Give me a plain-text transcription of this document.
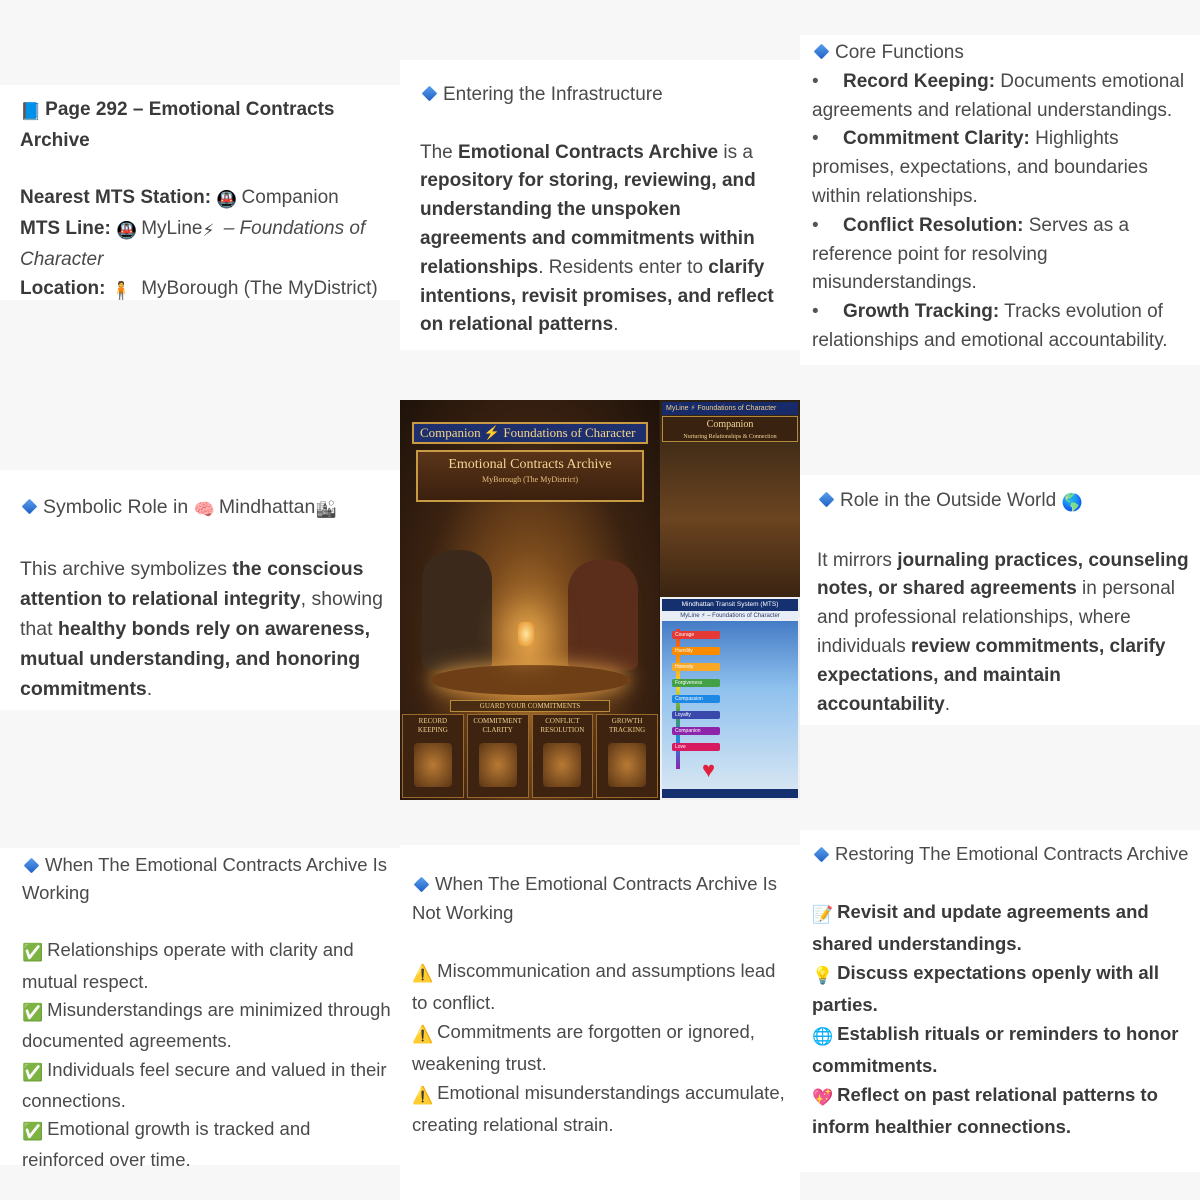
📘 Page 292 – Emotional Contracts Archive
Nearest MTS Station: 🚇 Companion
MTS Line: 🚇 MyLine⚡ – Foundations of Character
Location: 🧍 MyBorough (The MyDistrict)
Entering the Infrastructure
The Emotional Contracts Archive is a repository for storing, reviewing, and understanding the unspoken agreements and commitments within relationships. Residents enter to clarify intentions, revisit promises, and reflect on relational patterns.
Core Functions
• Record Keeping: Documents emotional agreements and relational understandings.
• Commitment Clarity: Highlights promises, expectations, and boundaries within relationships.
• Conflict Resolution: Serves as a reference point for resolving misunderstandings.
• Growth Tracking: Tracks evolution of relationships and emotional accountability.
Symbolic Role in 🧠 Mindhattan🏙
This archive symbolizes the conscious attention to relational integrity, showing that healthy bonds rely on awareness, mutual understanding, and honoring commitments.
Companion ⚡ Foundations of Character
Emotional Contracts Archive
MyBorough (The MyDistrict)
GUARD YOUR COMMITMENTS
RECORD KEEPING
COMMITMENT CLARITY
CONFLICT RESOLUTION
GROWTH TRACKING
MyLine ⚡ Foundations of Character
Companion
Nurturing Relationships & Connection
Mindhattan Transit System (MTS)
MyLine ⚡ – Foundations of Character
Courage
Humility
Honesty
Forgiveness
Compassion
Loyalty
Companion
Love
♥
Role in the Outside World 🌎
It mirrors journaling practices, counseling notes, or shared agreements in personal and professional relationships, where individuals review commitments, clarify expectations, and maintain accountability.
When The Emotional Contracts Archive Is Working
✅ Relationships operate with clarity and mutual respect.
✅ Misunderstandings are minimized through documented agreements.
✅ Individuals feel secure and valued in their connections.
✅ Emotional growth is tracked and reinforced over time.
When The Emotional Contracts Archive Is Not Working
⚠️ Miscommunication and assumptions lead to conflict.
⚠️ Commitments are forgotten or ignored, weakening trust.
⚠️ Emotional misunderstandings accumulate, creating relational strain.
Restoring The Emotional Contracts Archive
📝 Revisit and update agreements and shared understandings.
💡 Discuss expectations openly with all parties.
🌐 Establish rituals or reminders to honor commitments.
💖 Reflect on past relational patterns to inform healthier connections.
